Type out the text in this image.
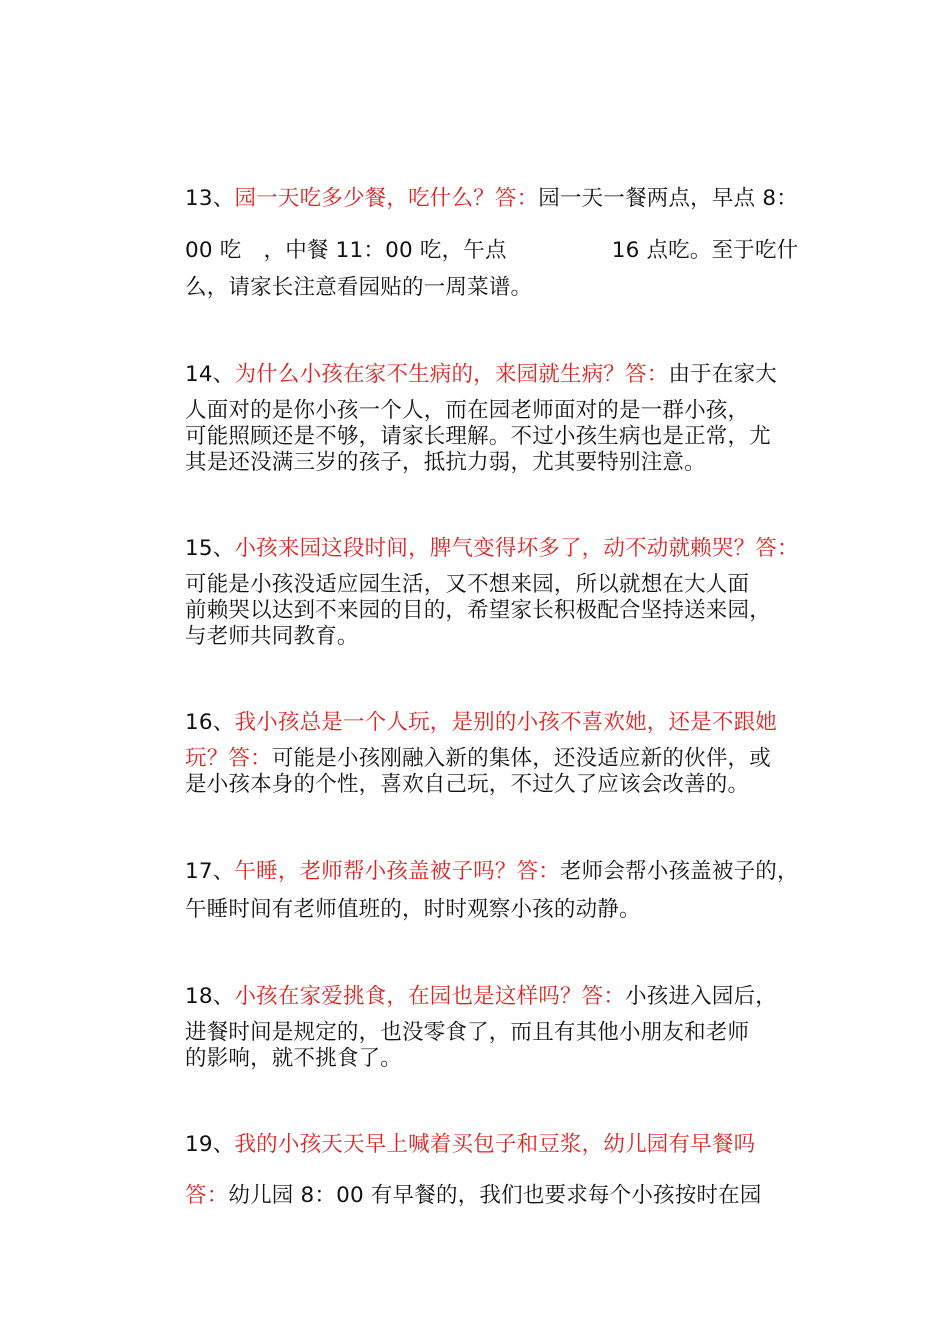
13、园一天吃多少餐，吃什么？答：园一天一餐两点，早点 8：
00 吃 ，中餐 11：00 吃，午点	16 点吃。至于吃什
么，请家长注意看园贴的一周菜谱。
14、为什么小孩在家不生病的，来园就生病？答：由于在家大
人面对的是你小孩一个人，而在园老师面对的是一群小孩，
可能照顾还是不够，请家长理解。不过小孩生病也是正常，尤
其是还没满三岁的孩子，抵抗力弱，尤其要特别注意。
15、小孩来园这段时间，脾气变得坏多了，动不动就赖哭？答：
可能是小孩没适应园生活，又不想来园，所以就想在大人面
前赖哭以达到不来园的目的，希望家长积极配合坚持送来园，
与老师共同教育。
16、我小孩总是一个人玩，是别的小孩不喜欢她，还是不跟她
玩？答：可能是小孩刚融入新的集体，还没适应新的伙伴，或
是小孩本身的个性，喜欢自己玩，不过久了应该会改善的。
17、午睡，老师帮小孩盖被子吗？答：老师会帮小孩盖被子的，
午睡时间有老师值班的，时时观察小孩的动静。
18、小孩在家爱挑食，在园也是这样吗？答：小孩进入园后，
进餐时间是规定的，也没零食了，而且有其他小朋友和老师
的影响，就不挑食了。
19、我的小孩天天早上喊着买包子和豆浆，幼儿园有早餐吗
答：幼儿园 8：00 有早餐的，我们也要求每个小孩按时在园
